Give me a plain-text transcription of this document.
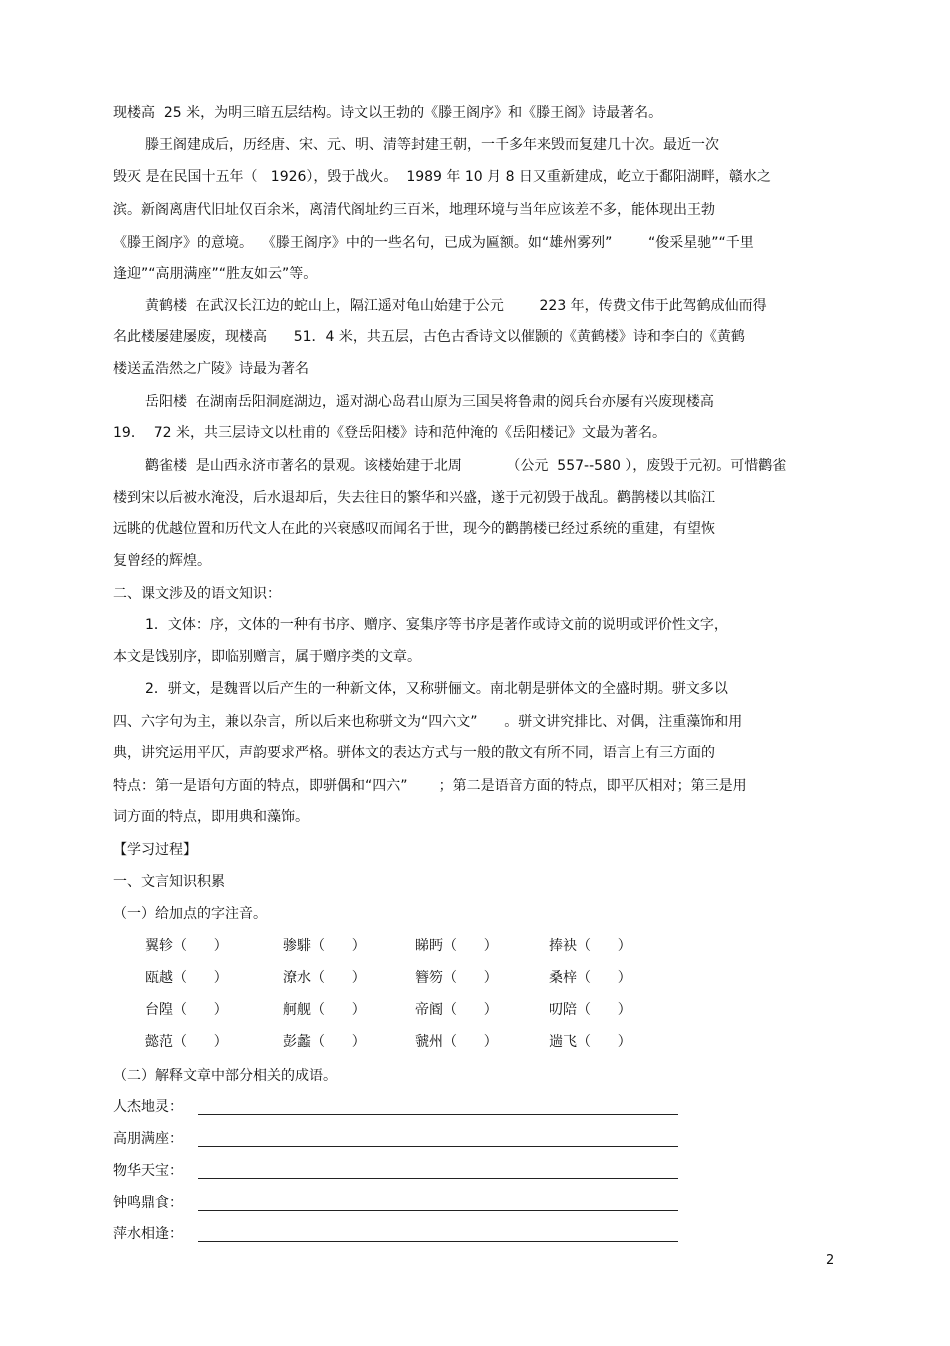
现楼高  25 米，为明三暗五层结构。诗文以王勃的《滕王阁序》和《滕王阁》诗最著名。
滕王阁建成后，历经唐、宋、元、明、清等封建王朝，一千多年来毁而复建几十次。最近一次
毁灭 是在民国十五年（   1926），毁于战火。  1989 年 10 月 8 日又重新建成，屹立于鄱阳湖畔，赣水之
滨。新阁离唐代旧址仅百余米，离清代阁址约三百米，地理环境与当年应该差不多，能体现出王勃
《滕王阁序》的意境。  《滕王阁序》中的一些名句，已成为匾额。如“雄州雾列”        “俊采星驰”“千里
逢迎”“高朋满座”“胜友如云”等。
黄鹤楼  在武汉长江边的蛇山上，隔江遥对龟山始建于公元        223 年，传费文伟于此驾鹤成仙而得
名此楼屡建屡废，现楼高      51．4 米，共五层，古色古香诗文以催颢的《黄鹤楼》诗和李白的《黄鹤
楼送孟浩然之广陵》诗最为著名
岳阳楼  在湖南岳阳洞庭湖边，遥对湖心岛君山原为三国吴将鲁肃的阅兵台亦屡有兴废现楼高
19．  72 米，共三层诗文以杜甫的《登岳阳楼》诗和范仲淹的《岳阳楼记》文最为著名。
鹳雀楼  是山西永济市著名的景观。该楼始建于北周          （公元  557--580 ），废毁于元初。可惜鹳雀
楼到宋以后被水淹没，后水退却后，失去往日的繁华和兴盛，遂于元初毁于战乱。鹳鹊楼以其临江
远眺的优越位置和历代文人在此的兴衰感叹而闻名于世，现今的鹳鹊楼已经过系统的重建，有望恢
复曾经的辉煌。
二、课文涉及的语文知识：
1．文体：序，文体的一种有书序、赠序、宴集序等书序是著作或诗文前的说明或评价性文字，
本文是饯别序，即临别赠言，属于赠序类的文章。
2．骈文，是魏晋以后产生的一种新文体，又称骈俪文。南北朝是骈体文的全盛时期。骈文多以
四、六字句为主，兼以杂言，所以后来也称骈文为“四六文”      。骈文讲究排比、对偶，注重藻饰和用
典，讲究运用平仄，声韵要求严格。骈体文的表达方式与一般的散文有所不同，语言上有三方面的
特点：第一是语句方面的特点，即骈偶和“四六”       ；第二是语音方面的特点，即平仄相对；第三是用
词方面的特点，即用典和藻饰。
【学习过程】
一、文言知识积累
（一）给加点的字注音。
翼轸（      ）	骖騑（      ）	睇眄（      ）	捧袂（      ）
瓯越（      ）	潦水（      ）	簪笏（      ）	桑梓（      ）
台隍（      ）	舸舰（      ）	帝阍（      ）	叨陪（      ）
懿范（      ）	彭蠡（      ）	虢州（      ）	遄飞（      ）
（二）解释文章中部分相关的成语。
人杰地灵：
高朋满座：
物华天宝：
钟鸣鼎食：
萍水相逢：
2
